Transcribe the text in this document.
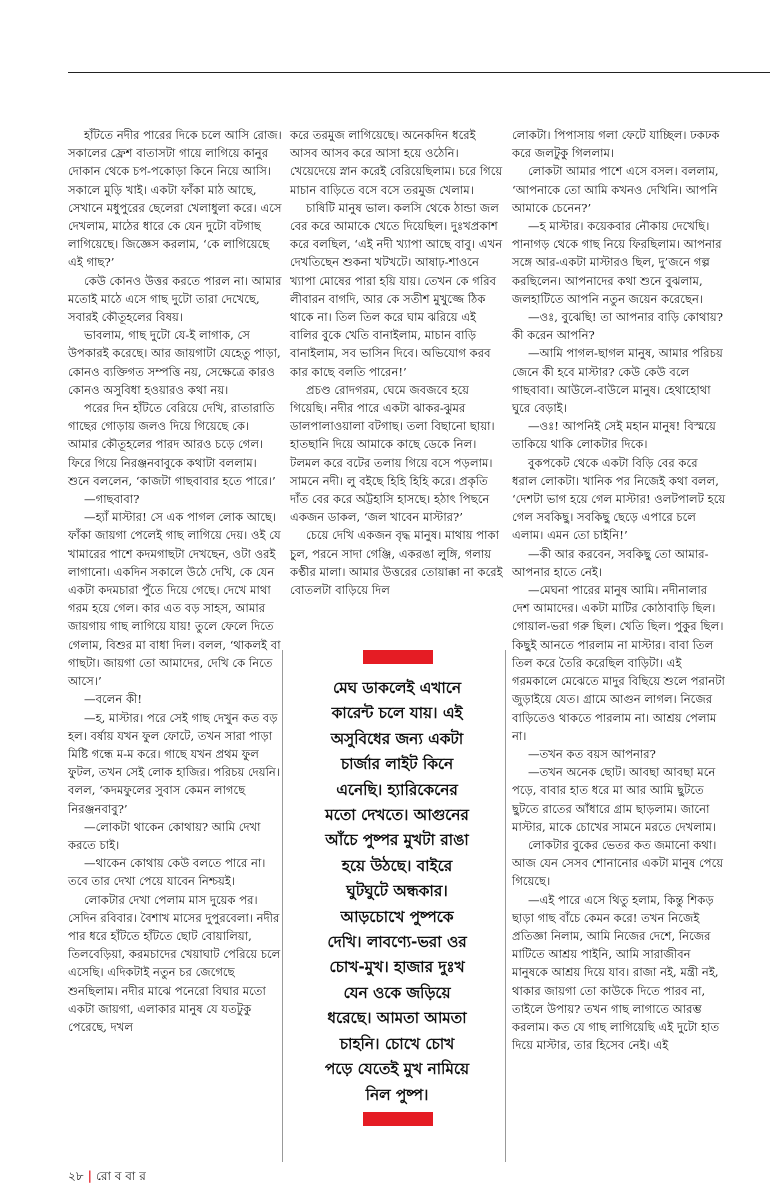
হাঁটতে নদীর পারের দিকে চলে আসি রোজ। সকালের ফ্রেশ বাতাসটা গায়ে লাগিয়ে কানুর দোকান থেকে চপ-পকোড়া কিনে নিয়ে আসি। সকালে মুড়ি খাই। একটা ফাঁকা মাঠ আছে, সেখানে মধুপুরের ছেলেরা খেলাধুলা করে। এসে দেখলাম, মাঠের ধারে কে যেন দুটো বটগাছ লাগিয়েছে। জিজ্ঞেস করলাম, ‘কে লাগিয়েছে এই গাছ?’

কেউ কোনও উত্তর করতে পারল না। আমার মতোই মাঠে এসে গাছ দুটো তারা দেখেছে, সবারই কৌতূহলের বিষয়।

ভাবলাম, গাছ দুটো যে-ই লাগাক, সে উপকারই করেছে। আর জায়গাটা যেহেতু পাড়া, কোনও ব্যক্তিগত সম্পত্তি নয়, সেক্ষেত্রে কারও কোনও অসুবিধা হওয়ারও কথা নয়।

পরের দিন হাঁটতে বেরিয়ে দেখি, রাতারাতি গাছের গোড়ায় জলও দিয়ে গিয়েছে কে। আমার কৌতূহলের পারদ আরও চড়ে গেল। ফিরে গিয়ে নিরঞ্জনবাবুকে কথাটা বললাম। শুনে বললেন, ‘কাজটা গাছবাবার হতে পারে।’

—গাছবাবা?

—হ্যাঁ মাস্টার! সে এক পাগল লোক আছে। ফাঁকা জায়গা পেলেই গাছ লাগিয়ে দেয়। ওই যে খামারের পাশে কদমগাছটা দেখছেন, ওটা ওরই লাগানো। একদিন সকালে উঠে দেখি, কে যেন একটা কদমচারা পুঁতে দিয়ে গেছে। দেখে মাথা গরম হয়ে গেল। কার এত বড় সাহস, আমার জায়গায় গাছ লাগিয়ে যায়! তুলে ফেলে দিতে গেলাম, বিশুর মা বাধা দিল। বলল, ‘থাকলই বা গাছটা। জায়গা তো আমাদের, দেখি কে নিতে আসে।’

—বলেন কী!

—হ, মাস্টার। পরে সেই গাছ দেখুন কত বড় হল। বর্ষায় যখন ফুল ফোটে, তখন সারা পাড়া মিষ্টি গন্ধে ম-ম করে। গাছে যখন প্রথম ফুল ফুটল, তখন সেই লোক হাজির। পরিচয় দেয়নি। বলল, ‘কদমফুলের সুবাস কেমন লাগছে নিরঞ্জনবাবু?’

—লোকটা থাকেন কোথায়? আমি দেখা করতে চাই।

—থাকেন কোথায় কেউ বলতে পারে না। তবে তার দেখা পেয়ে যাবেন নিশ্চয়ই।

লোকটার দেখা পেলাম মাস দুয়েক পর। সেদিন রবিবার। বৈশাখ মাসের দুপুরবেলা। নদীর পার ধরে হাঁটতে হাঁটতে ছোট বোয়ালিয়া, তিলবেড়িয়া, করমচাদের খেয়াঘাট পেরিয়ে চলে এসেছি। এদিকটাই নতুন চর জেগেছে শুনছিলাম। নদীর মাঝে পনেরো বিঘার মতো একটা জায়গা, এলাকার মানুষ যে যতটুকু পেরেছে, দখল

করে তরমুজ লাগিয়েছে। অনেকদিন ধরেই আসব আসব করে আসা হয়ে ওঠেনি। খেয়েদেয়ে স্নান করেই বেরিয়েছিলাম। চরে গিয়ে মাচান বাড়িতে বসে বসে তরমুজ খেলাম।

চাষিটি মানুষ ভাল। কলসি থেকে ঠান্ডা জল বের করে আমাকে খেতে দিয়েছিল। দুঃখপ্রকাশ করে বলছিল, ‘এই নদী খ্যাপা আছে বাবু। এখন দেখতিছেন শুকনা খটখটে। আষাঢ়-শাওনে খ্যাপা মোষের পারা হয়ি যায়। তেখন কে গরিব লীবারন বাগদি, আর কে সতীশ মুখুজ্জে ঠিক থাকে না। তিল তিল করে ঘাম ঝরিয়ে এই বালির বুকে খেতি বানাইলাম, মাচান বাড়ি বানাইলাম, সব ভাসিন দিবে। অভিযোগ করব কার কাছে বলতি পারেন!’

প্রচণ্ড রোদগরম, ঘেমে জবজবে হয়ে গিয়েছি। নদীর পারে একটা ঝাকর-ঝুমর ডালপালাওয়ালা বটগাছ। তলা বিছানো ছায়া। হাতছানি দিয়ে আমাকে কাছে ডেকে নিল। টলমল করে বটের তলায় গিয়ে বসে পড়লাম। সামনে নদী। লু বইছে হিহি হিহি করে। প্রকৃতি দাঁত বের করে অট্টহাসি হাসছে। হঠাৎ পিছনে একজন ডাকল, ‘জল খাবেন মাস্টার?’

চেয়ে দেখি একজন বৃদ্ধ মানুষ। মাথায় পাকা চুল, পরনে সাদা গেঞ্জি, একরঙা লুঙ্গি, গলায় কণ্ঠীর মালা। আমার উত্তরের তোয়াক্কা না করেই বোতলটা বাড়িয়ে দিল

লোকটা। পিপাসায় গলা ফেটে যাচ্ছিল। ঢকঢক করে জলটুকু গিললাম।

লোকটা আমার পাশে এসে বসল। বললাম, ‘আপনাকে তো আমি কখনও দেখিনি। আপনি আমাকে চেনেন?’

—হ মাস্টার। কয়েকবার নৌকায় দেখেছি। পানাগড় থেকে গাছ নিয়ে ফিরছিলাম। আপনার সঙ্গে আর-একটা মাস্টারও ছিল, দু’জনে গল্প করছিলেন। আপনাদের কথা শুনে বুঝলাম, জলহাটিতে আপনি নতুন জয়েন করেছেন।

—ওঃ, বুঝেছি! তা আপনার বাড়ি কোথায়? কী করেন আপনি?

—আমি পাগল-ছাগল মানুষ, আমার পরিচয় জেনে কী হবে মাস্টার? কেউ কেউ বলে গাছবাবা। আউলে-বাউলে মানুষ। হেথাহোথা ঘুরে বেড়াই।

—ওঃ! আপনিই সেই মহান মানুষ! বিস্ময়ে তাকিয়ে থাকি লোকটার দিকে।

বুকপকেট থেকে একটা বিড়ি বের করে ধরাল লোকটা। খানিক পর নিজেই কথা বলল, ‘দেশটা ভাগ হয়ে গেল মাস্টার! ওলটপালট হয়ে গেল সবকিছু। সবকিছু ছেড়ে এপারে চলে এলাম। এমন তো চাইনি!’

—কী আর করবেন, সবকিছু তো আমার-আপনার হাতে নেই।

—মেঘনা পারের মানুষ আমি। নদীনালার দেশ আমাদের। একটা মাটির কোঠাবাড়ি ছিল। গোয়াল-ভরা গরু ছিল। খেতি ছিল। পুকুর ছিল। কিছুই আনতে পারলাম না মাস্টার। বাবা তিল তিল করে তৈরি করেছিল বাড়িটা। এই গরমকালে মেঝেতে মাদুর বিছিয়ে শুলে পরানটা জুড়াইয়ে যেত। গ্রামে আগুন লাগল। নিজের বাড়িতেও থাকতে পারলাম না। আশ্রয় পেলাম না।

—তখন কত বয়স আপনার?

—তখন অনেক ছোট। আবছা আবছা মনে পড়ে, বাবার হাত ধরে মা আর আমি ছুটতে ছুটতে রাতের আঁধারে গ্রাম ছাড়লাম। জানো মাস্টার, মাকে চোখের সামনে মরতে দেখলাম।

লোকটার বুকের ভেতর কত জমানো কথা। আজ যেন সেসব শোনানোর একটা মানুষ পেয়ে গিয়েছে।

—এই পারে এসে থিতু হলাম, কিন্তু শিকড় ছাড়া গাছ বাঁচে কেমন করে! তখন নিজেই প্রতিজ্ঞা নিলাম, আমি নিজের দেশে, নিজের মাটিতে আশ্রয় পাইনি, আমি সারাজীবন মানুষকে আশ্রয় দিয়ে যাব। রাজা নই, মন্ত্রী নই, থাকার জায়গা তো কাউকে দিতে পারব না, তাইলে উপায়? তখন গাছ লাগাতে আরম্ভ করলাম। কত যে গাছ লাগিয়েছি এই দুটো হাত দিয়ে মাস্টার, তার হিসেব নেই। এই

মেঘ ডাকলেই এখানে

কারেন্ট চলে যায়। এই

অসুবিধের জন্য একটা

চার্জার লাইট কিনে

এনেছি। হ্যারিকেনের

মতো দেখতে। আগুনের

আঁচে পুষ্পর মুখটা রাঙা

হয়ে উঠছে। বাইরে

ঘুটঘুটে অন্ধকার।

আড়চোখে পুষ্পকে

দেখি। লাবণ্যে-ভরা ওর

চোখ-মুখ। হাজার দুঃখ

যেন ওকে জড়িয়ে

ধরেছে। আমতা আমতা

চাহনি। চোখে চোখ

পড়ে যেতেই মুখ নামিয়ে

নিল পুষ্প।

২৮ | রো ব বা র
